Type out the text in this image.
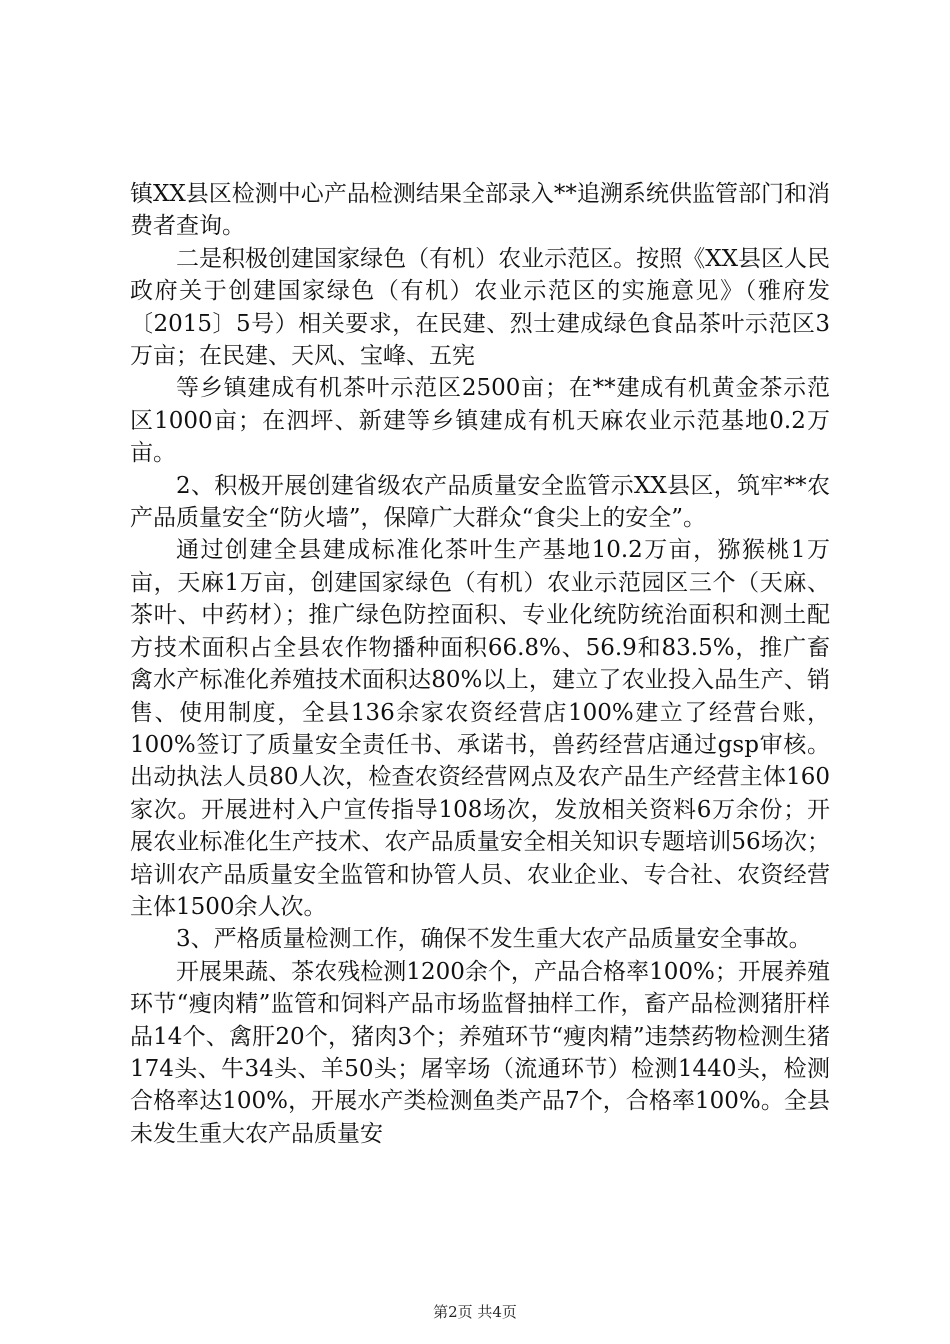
镇XX县区检测中心产品检测结果全部录入**追溯系统供监管部门和消费者查询。

二是积极创建国家绿色（有机）农业示范区。按照《XX县区人民政府关于创建国家绿色（有机）农业示范区的实施意见》（雅府发〔2015〕5号）相关要求，在民建、烈士建成绿色食品茶叶示范区3万亩；在民建、天风、宝峰、五宪

等乡镇建成有机茶叶示范区2500亩；在**建成有机黄金茶示范区1000亩；在泗坪、新建等乡镇建成有机天麻农业示范基地0.2万亩。

2、积极开展创建省级农产品质量安全监管示XX县区，筑牢**农产品质量安全“防火墙”，保障广大群众“食尖上的安全”。

通过创建全县建成标准化茶叶生产基地10.2万亩，猕猴桃1万亩，天麻1万亩，创建国家绿色（有机）农业示范园区三个（天麻、茶叶、中药材）；推广绿色防控面积、专业化统防统治面积和测土配方技术面积占全县农作物播种面积66.8%、56.9和83.5%，推广畜禽水产标准化养殖技术面积达80%以上，建立了农业投入品生产、销售、使用制度，全县136余家农资经营店100%建立了经营台账，100%签订了质量安全责任书、承诺书，兽药经营店通过gsp审核。出动执法人员80人次，检查农资经营网点及农产品生产经营主体160家次。开展进村入户宣传指导108场次，发放相关资料6万余份；开展农业标准化生产技术、农产品质量安全相关知识专题培训56场次；培训农产品质量安全监管和协管人员、农业企业、专合社、农资经营主体1500余人次。

3、严格质量检测工作，确保不发生重大农产品质量安全事故。

开展果蔬、茶农残检测1200余个，产品合格率100%；开展养殖环节“瘦肉精”监管和饲料产品市场监督抽样工作，畜产品检测猪肝样品14个、禽肝20个，猪肉3个；养殖环节“瘦肉精”违禁药物检测生猪174头、牛34头、羊50头；屠宰场（流通环节）检测1440头，检测合格率达100%，开展水产类检测鱼类产品7个，合格率100%。全县未发生重大农产品质量安

第2页 共4页
